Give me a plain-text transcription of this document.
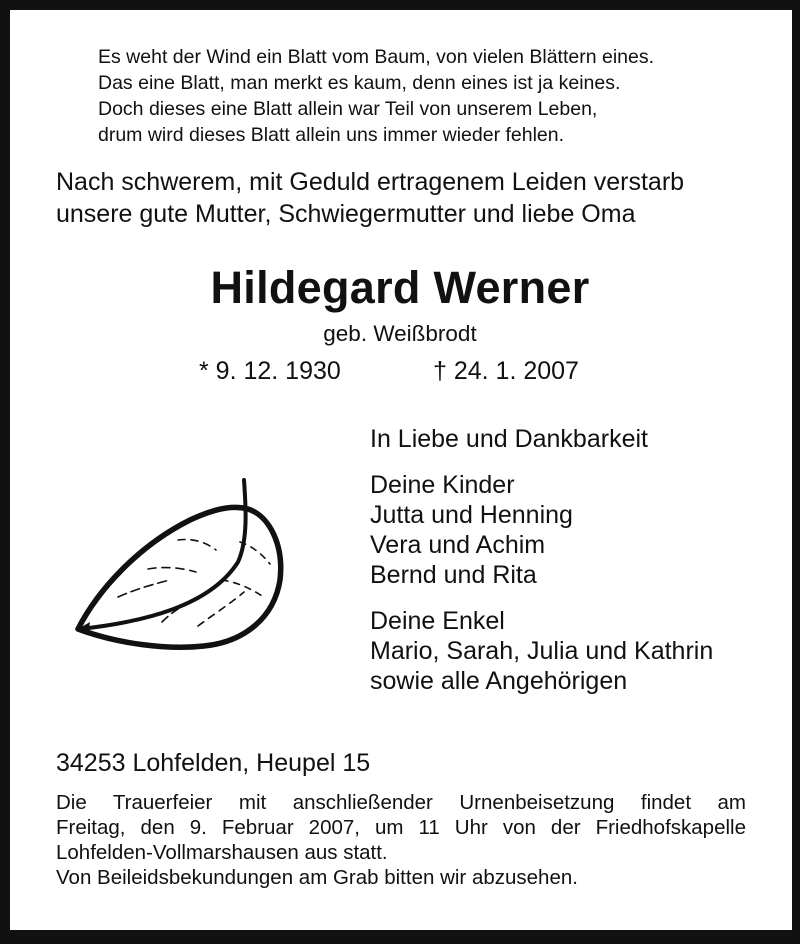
Es weht der Wind ein Blatt vom Baum, von vielen Blättern eines.
Das eine Blatt, man merkt es kaum, denn eines ist ja keines.
Doch dieses eine Blatt allein war Teil von unserem Leben,
drum wird dieses Blatt allein uns immer wieder fehlen.
Nach schwerem, mit Geduld ertragenem Leiden verstarb
unsere gute Mutter, Schwiegermutter und liebe Oma
Hildegard Werner
geb. Weißbrodt
* 9. 12. 1930	† 24. 1. 2007
In Liebe und Dankbarkeit
Deine Kinder
Jutta und Henning
Vera und Achim
Bernd und Rita
Deine Enkel
Mario, Sarah, Julia und Kathrin
sowie alle Angehörigen
34253 Lohfelden, Heupel 15
Die Trauerfeier mit anschließender Urnenbeisetzung findet am
Freitag, den 9. Februar 2007, um 11 Uhr von der Friedhofskapelle
Lohfelden-Vollmarshausen aus statt.
Von Beileidsbekundungen am Grab bitten wir abzusehen.
